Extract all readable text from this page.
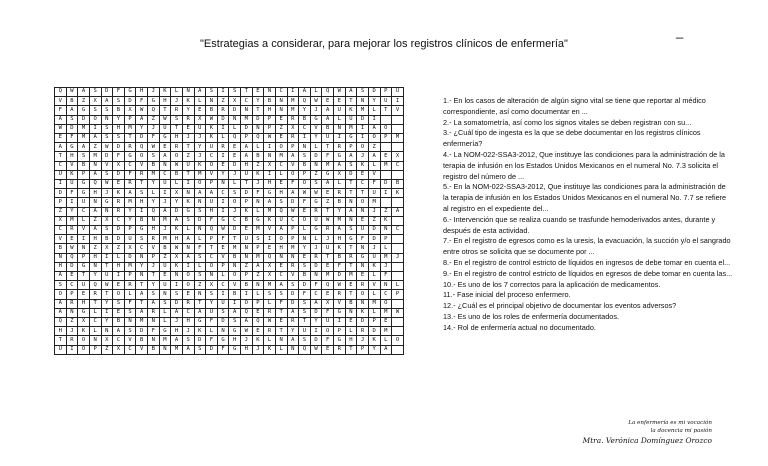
_
"Estrategias a considerar, para mejorar los registros clínicos de enfermería"
Q	W	A	S	D	F	G	H	J	K	L	N	A	S	I	S	T	E	N	C	I	A	L	Q	W	A	S	D	P	U
V	B	Z	X	A	S	D	F	G	H	J	K	L	N	Z	X	C	Y	B	N	M	Q	W	E	E	T	N	Y	U	I
F	A	G	S	S	B	X	W	Q	T	R	Y	E	B	R	D	N	T	H	N	M	Y	J	A	U	K	M	L	T	V
A	S	D	O	N	Y	P	A	Z	W	S	R	X	W	D	N	M	D	P	E	R	B	G	A	L	U	D	I		
W	D	M	I	S	H	M	Y	J	U	T	E	U	K	I	L	D	N	P	Z	X	C	V	B	N	M	I	A	O	
E	F	M	A	S	S	T	D	F	G	H	J	J	K	L	Q	P	Q	W	E	R	I	Y	U	I	G	I	O	P	M
A	G	A	Z	W	D	R	Q	W	E	R	T	Y	U	R	E	A	L	I	O	P	N	L	T	R	P	O	Z		
T	H	S	M	D	F	G	O	S	A	O	Z	J	C	I	E	A	B	N	M	A	S	D	F	G	A	J	A	E	X
C	V	B	N	V	X	C	V	B	N	W	U	K	O	E	D	H	Z	X	C	V	B	N	M	A	S	K	L	M	C
U	K	P	A	S	D	F	R	M	C	B	T	M	V	Y	J	U	K	I	L	O	P	Z	G	X	D	E	V		
I	U	G	Q	W	E	R	T	Y	U	L	I	O	P	N	L	T	J	H	E	F	O	S	A	L	T	C	F	D	B
D	F	G	H	J	K	A	S	L	I	X	N	A	A	C	S	D	F	G	H	A	W	W	E	R	T	T	U	I	K
P	I	U	N	G	R	M	H	Y	J	Y	K	N	U	I	O	P	N	A	S	D	F	G	Z	B	N	O	M		
Z	Y	C	A	N	R	Y	I	Q	A	D	G	S	H	I	J	K	L	M	Q	W	E	R	T	Y	A	N	J	Z	A
X	M	L	Z	X	C	Y	B	N	M	A	S	D	F	G	C	B	G	K	U	C	O	U	W	M	N	E	Z	K	
C	R	V	A	S	D	P	G	H	J	K	L	N	Q	W	D	E	M	V	A	P	L	G	R	A	S	U	D	N	C
V	E	I	H	B	D	U	S	R	M	H	A	L	P	F	T	U	S	I	O	P	N	L	J	H	G	F	D	P	
B	W	N	Z	X	Z	X	C	V	B	W	N	F	T	E	M	N	P	E	H	M	Y	J	U	K	T	N	J	L	
N	Q	P	H	I	L	D	N	P	Z	X	A	S	C	V	B	N	M	Q	N	N	E	R	T	B	R	G	U	M	J
H	D	G	N	T	H	M	Y	J	U	K	I	L	O	P	N	Z	A	X	E	R	S	D	E	F	T	N	K	J	
A	E	T	Y	U	I	P	N	T	E	N	O	S	N	L	O	P	Z	X	C	V	B	N	M	D	M	E	L	F	
S	C	U	Q	W	E	R	T	Y	U	I	O	Z	X	C	V	B	N	M	A	S	D	F	Q	W	E	R	V	N	L
O	P	E	R	T	O	L	A	S	N	S	E	N	S	I	B	I	L	S	S	D	F	C	E	R	T	O	L	C	P
A	R	H	T	Y	S	F	T	A	S	D	R	T	Y	U	I	O	P	L	F	D	S	A	X	V	B	N	M	O	
A	N	G	L	I	E	S	A	R	L	A	C	A	U	S	A	Q	E	R	T	A	S	D	F	G	N	K	L	M	W
Q	Z	X	C	Y	B	N	M	N	L	J	H	G	F	D	S	A	Q	W	E	R	T	Y	U	I	E	D	P	E	
H	J	K	L	N	A	S	D	F	G	H	J	K	L	N	G	W	E	R	T	Y	U	I	O	P	L	R	D	M	
T	R	O	N	X	C	V	B	N	M	A	S	D	F	G	H	J	K	L	N	A	S	D	F	G	H	J	K	L	O
U	I	O	P	Z	X	C	V	B	N	M	A	S	D	F	G	H	J	K	L	N	Q	W	E	R	T	P	Y	A	
1.- En los casos de alteración de algún signo vital se tiene que reportar al médico correspondiente, así como documentar en ...
2.- La somatometría, así como los signos vitales se deben registran con su...
3.- ¿Cuál tipo de ingesta es la que se debe documentar en los registros clínicos enfermería?
4.- La NOM-022-SSA3-2012, Que instituye las condiciones para la administración de la terapia de infusión en los Estados Unidos Mexicanos en el numeral No. 7.3 solicita el registro del número de ...
5.- En la NOM-022-SSA3-2012, Que instituye las condiciones para la administración de la terapia de infusión en los Estados Unidos Mexicanos en el numeral No. 7.7 se refiere al registro en el expediente del...
6.- Intervención que se realiza cuando se trasfunde hemoderivados antes, durante y después de esta actividad.
7.- En el registro de egresos como es la uresis, la evacuación, la succión y/o el sangrado entre otros se solicita que se documente por ...
8.- En el registro de control estricto de líquidos en ingresos de debe tomar en cuenta el...
9.- En el registro de control estricto de líquidos en egresos de debe tomar en cuenta las...
10.- Es uno de los 7 correctos para la aplicación de medicamentos.
11.- Fase inicial del proceso enfermero.
12.- ¿Cuál es el principal objetivo de documentar los eventos adversos?
13.- Es uno de los roles de enfermería documentados.
14.- Rol de enfermería actual no documentado.
La enfermería es mi vocación
la docencia mi pasión
Mtra. Verónica Domínguez Orozco
